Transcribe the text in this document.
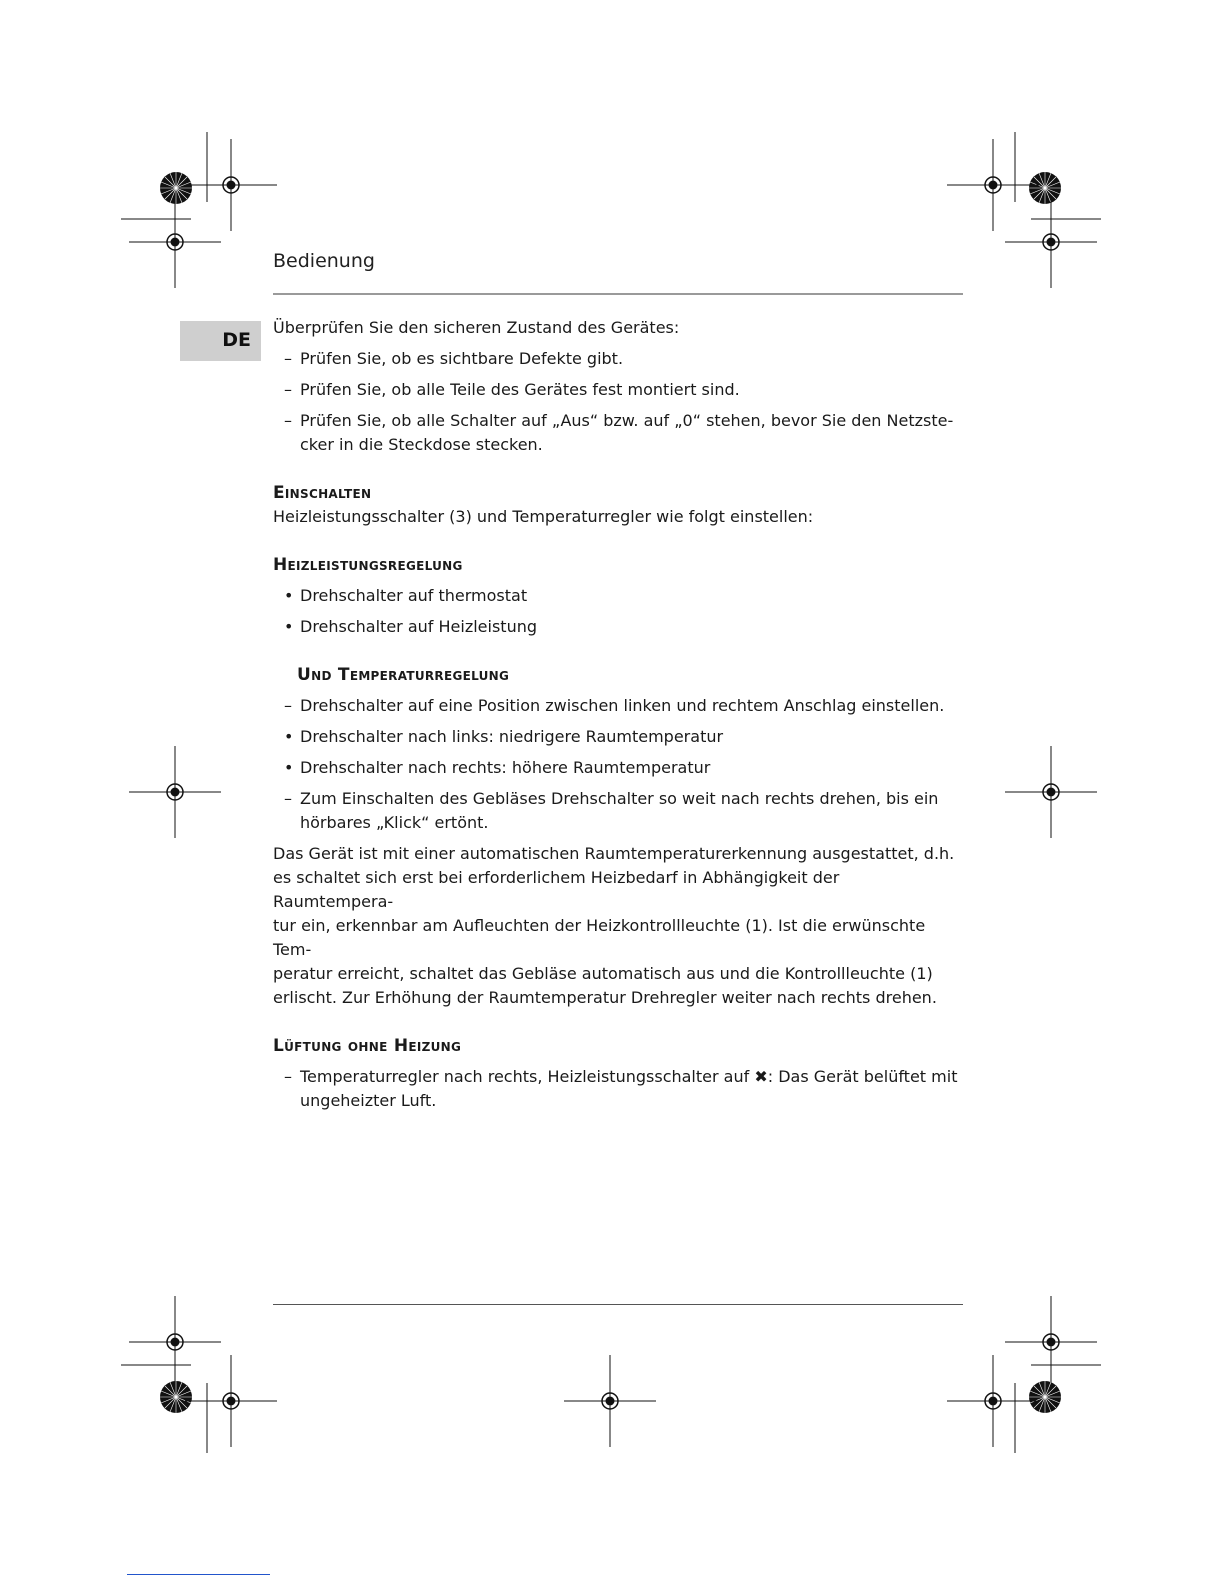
Bedienung
DE

Überprüfen Sie den sicheren Zustand des Gerätes:

– Prüfen Sie, ob es sichtbare Defekte gibt.
– Prüfen Sie, ob alle Teile des Gerätes fest montiert sind.
– Prüfen Sie, ob alle Schalter auf „Aus“ bzw. auf „0“ stehen, bevor Sie den Netzste-
cker in die Steckdose stecken.

Einschalten

Heizleistungsschalter (3) und Temperaturregler wie folgt einstellen:

Heizleistungsregelung

• Drehschalter auf thermostat
• Drehschalter auf Heizleistung

Und Temperaturregelung

– Drehschalter auf eine Position zwischen linken und rechtem Anschlag einstellen.
• Drehschalter nach links: niedrigere Raumtemperatur
• Drehschalter nach rechts: höhere Raumtemperatur
– Zum Einschalten des Gebläses Drehschalter so weit nach rechts drehen, bis ein
hörbares „Klick“ ertönt.

Das Gerät ist mit einer automatischen Raumtemperaturerkennung ausgestattet, d.h.
es schaltet sich erst bei erforderlichem Heizbedarf in Abhängigkeit der Raumtempera-
tur ein, erkennbar am Aufleuchten der Heizkontrollleuchte (1). Ist die erwünschte Tem-
peratur erreicht, schaltet das Gebläse automatisch aus und die Kontrollleuchte (1)
erlischt. Zur Erhöhung der Raumtemperatur Drehregler weiter nach rechts drehen.

Lüftung ohne Heizung

– Temperaturregler nach rechts, Heizleistungsschalter auf ✖: Das Gerät belüftet mit
ungeheizter Luft.
